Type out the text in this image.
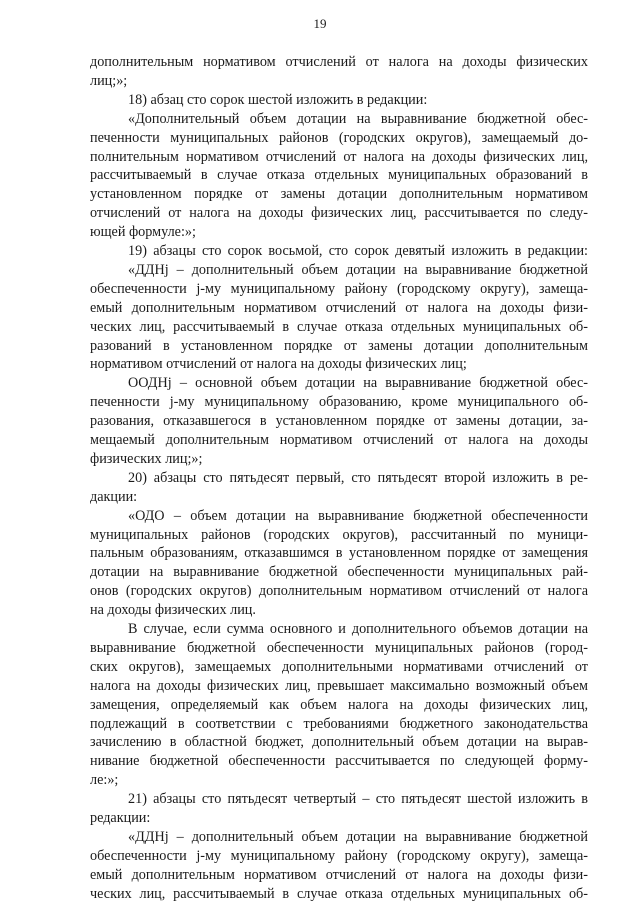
19
дополнительным нормативом отчислений от налога на доходы физических
лиц;»;
18) абзац сто сорок шестой изложить в редакции:
«Дополнительный объем дотации на выравнивание бюджетной обес-
печенности муниципальных районов (городских округов), замещаемый до-
полнительным нормативом отчислений от налога на доходы физических лиц,
рассчитываемый в случае отказа отдельных муниципальных образований в
установленном порядке от замены дотации дополнительным нормативом
отчислений от налога на доходы физических лиц, рассчитывается по следу-
ющей формуле:»;
19) абзацы сто сорок восьмой, сто сорок девятый изложить в редакции:
«ДДНj – дополнительный объем дотации на выравнивание бюджетной
обеспеченности j-му муниципальному району (городскому округу), замеща-
емый дополнительным нормативом отчислений от налога на доходы физи-
ческих лиц, рассчитываемый в случае отказа отдельных муниципальных об-
разований в установленном порядке от замены дотации дополнительным
нормативом отчислений от налога на доходы физических лиц;
ООДНj – основной объем дотации на выравнивание бюджетной обес-
печенности j-му муниципальному образованию, кроме муниципального об-
разования, отказавшегося в установленном порядке от замены дотации, за-
мещаемый дополнительным нормативом отчислений от налога на доходы
физических лиц;»;
20) абзацы сто пятьдесят первый, сто пятьдесят второй изложить в ре-
дакции:
«ОДО – объем дотации на выравнивание бюджетной обеспеченности
муниципальных районов (городских округов), рассчитанный по муници-
пальным образованиям, отказавшимся в установленном порядке от замещения
дотации на выравнивание бюджетной обеспеченности муниципальных рай-
онов (городских округов) дополнительным нормативом отчислений от налога
на доходы физических лиц.
В случае, если сумма основного и дополнительного объемов дотации на
выравнивание бюджетной обеспеченности муниципальных районов (город-
ских округов), замещаемых дополнительными нормативами отчислений от
налога на доходы физических лиц, превышает максимально возможный объем
замещения, определяемый как объем налога на доходы физических лиц,
подлежащий в соответствии с требованиями бюджетного законодательства
зачислению в областной бюджет, дополнительный объем дотации на вырав-
нивание бюджетной обеспеченности рассчитывается по следующей форму-
ле:»;
21) абзацы сто пятьдесят четвертый – сто пятьдесят шестой изложить в
редакции:
«ДДНj – дополнительный объем дотации на выравнивание бюджетной
обеспеченности j-му муниципальному району (городскому округу), замеща-
емый дополнительным нормативом отчислений от налога на доходы физи-
ческих лиц, рассчитываемый в случае отказа отдельных муниципальных об-
